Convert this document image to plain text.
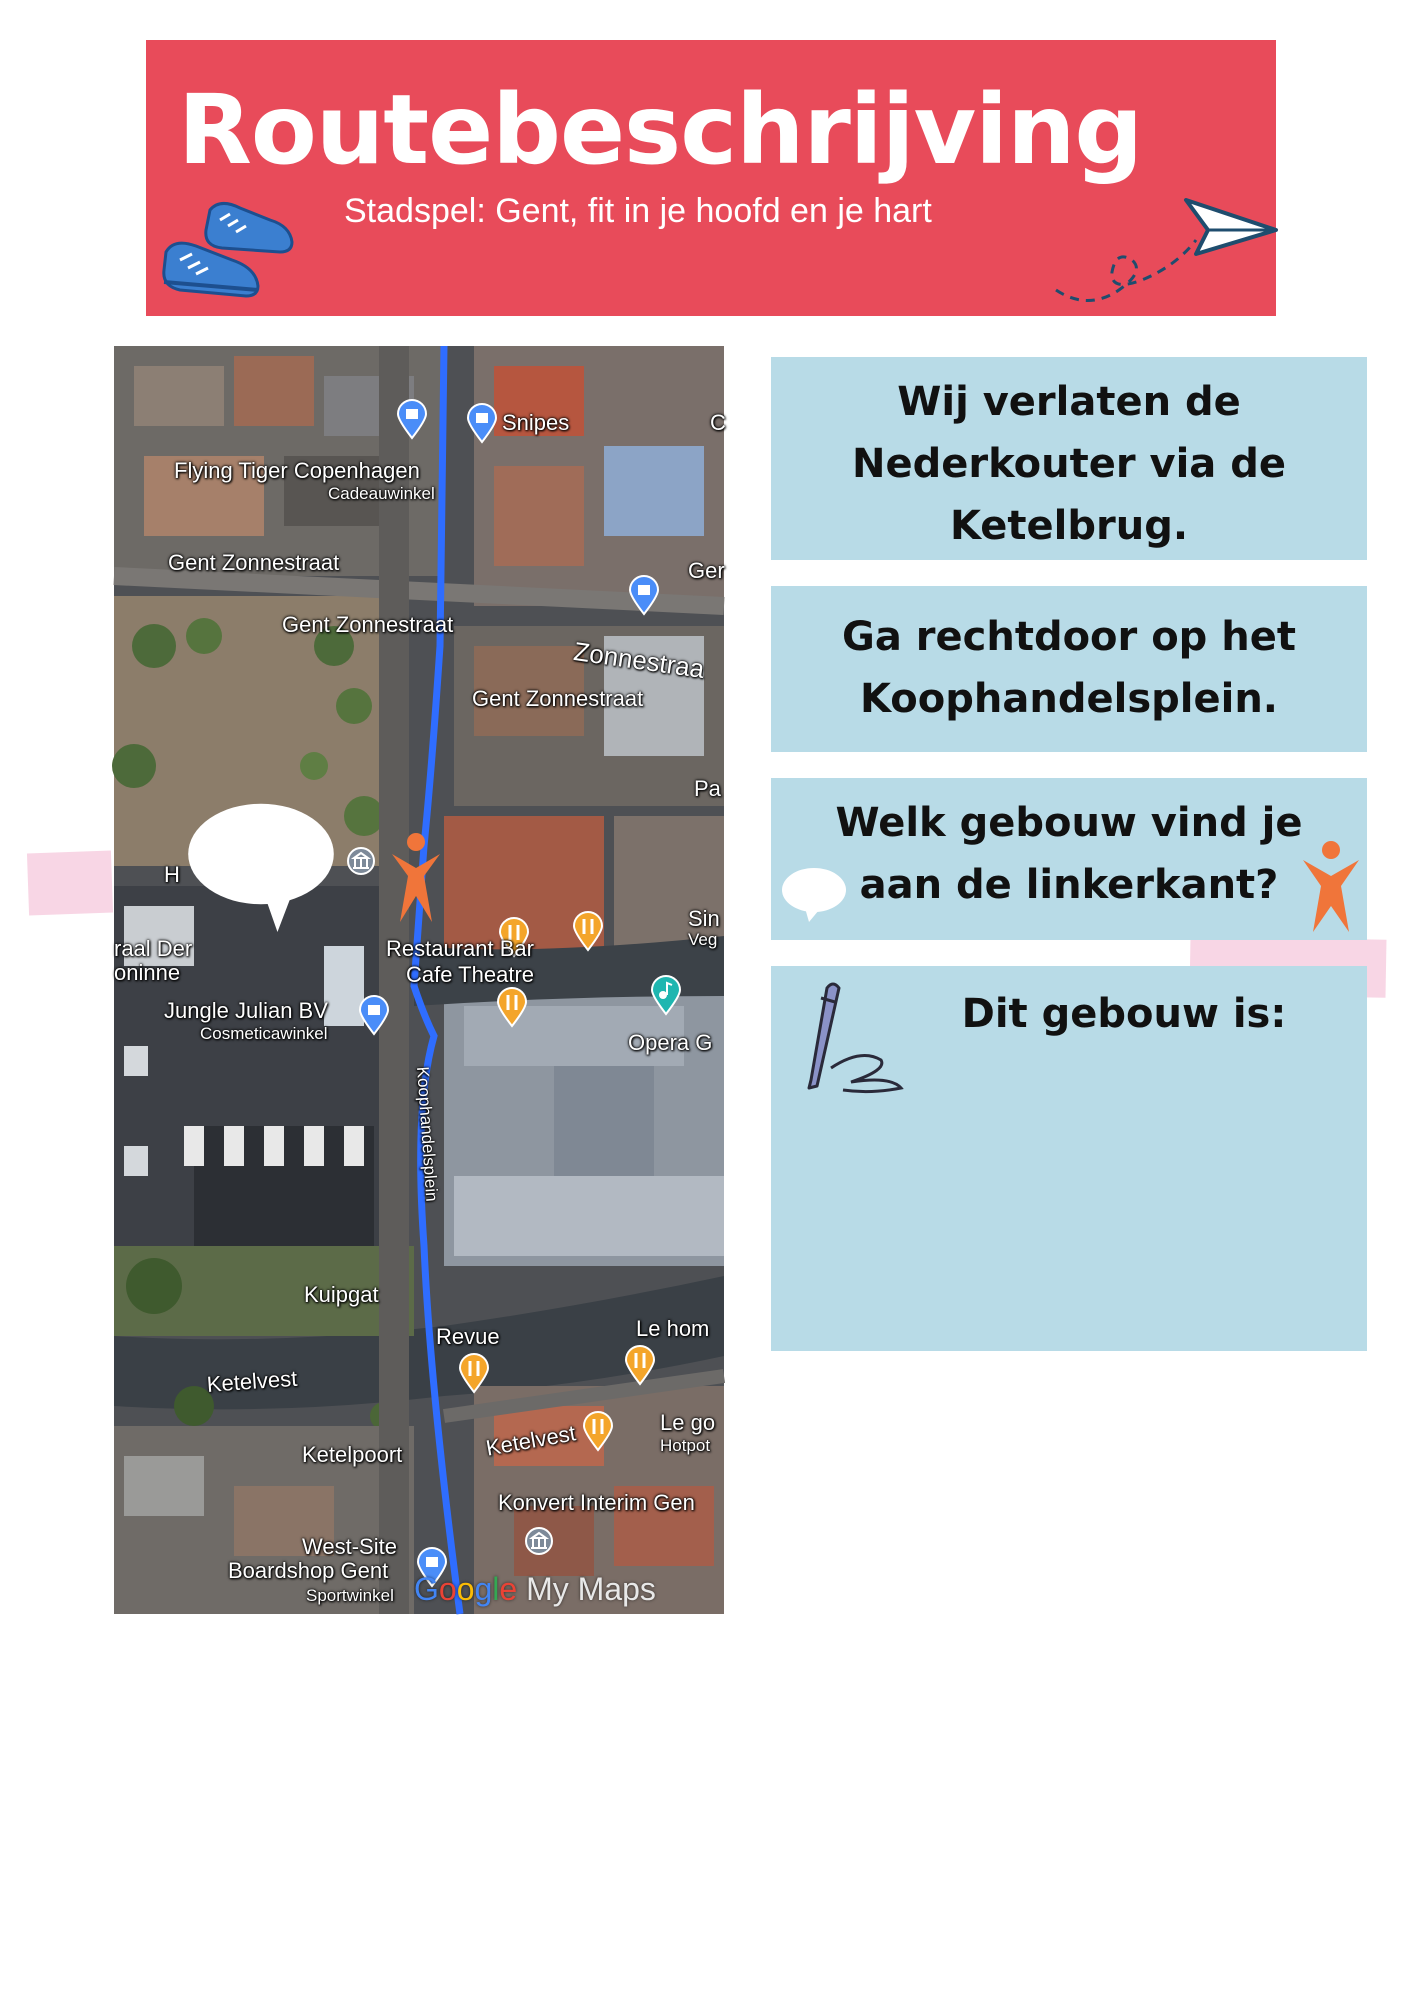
Routebeschrijving
Stadspel: Gent, fit in je hoofd en je hart
Snipes	C
Flying Tiger Copenhagen
Cadeauwinkel
Gent Zonnestraat	Ger
Gent Zonnestraat
Zonnestraa
Gent Zonnestraat
Pa
H
Sin
Veg
raal Der
oninne
Restaurant Bar
Cafe Theatre
Jungle Julian BV
Cosmeticawinkel	Opera G
Koophandelsplein
Kuipgat
Revue	Le hom
Ketelvest
Ketelvest	Le go
Hotpot
Ketelpoort
Konvert Interim Gen
West-Site
Boardshop Gent
Sportwinkel Google My Maps
Wij verlaten de Nederkouter via de Ketelbrug.
Ga rechtdoor op het Koophandelsplein.
Welk gebouw vind je aan de linkerkant?
Dit gebouw is:
